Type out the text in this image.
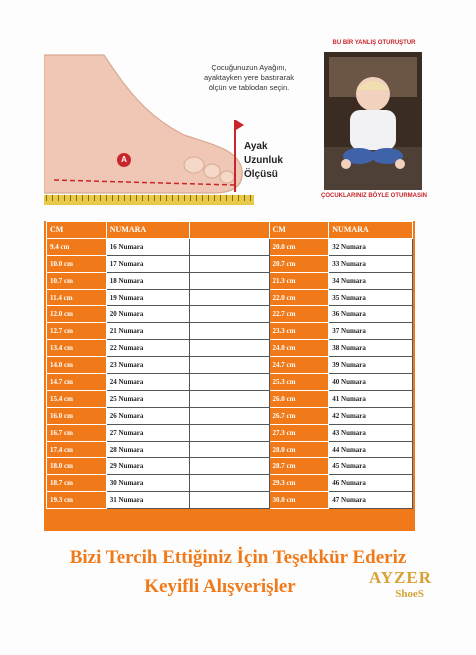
A
Çocuğunuzun Ayağını, ayaktayken yere bastırarak ölçün ve tablodan seçin.
Ayak Uzunluk Ölçüsü
BU BİR YANLIŞ OTURUŞTUR
ÇOCUKLARINIZ BÖYLE OTURMASIN
CM	NUMARA		CM	NUMARA
9.4 cm	16 Numara		20.0 cm	32 Numara
10.0 cm	17 Numara		20.7 cm	33 Numara
10.7 cm	18 Numara		21.3 cm	34 Numara
11.4 cm	19 Numara		22.0 cm	35 Numara
12.0 cm	20 Numara		22.7 cm	36 Numara
12.7 cm	21 Numara		23.3 cm	37 Numara
13.4 cm	22 Numara		24.0 cm	38 Numara
14.0 cm	23 Numara		24.7 cm	39 Numara
14.7 cm	24 Numara		25.3 cm	40 Numara
15.4 cm	25 Numara		26.0 cm	41 Numara
16.0 cm	26 Numara		26.7 cm	42 Numara
16.7 cm	27 Numara		27.3 cm	43 Numara
17.4 cm	28 Numara		28.0 cm	44 Numara
18.0 cm	29 Numara		28.7 cm	45 Numara
18.7 cm	30 Numara		29.3 cm	46 Numara
19.3 cm	31 Numara		30.0 cm	47 Numara
Bizi Tercih Ettiğiniz İçin Teşekkür Ederiz
Keyifli Alışverişler	AYZER
ShoeS
